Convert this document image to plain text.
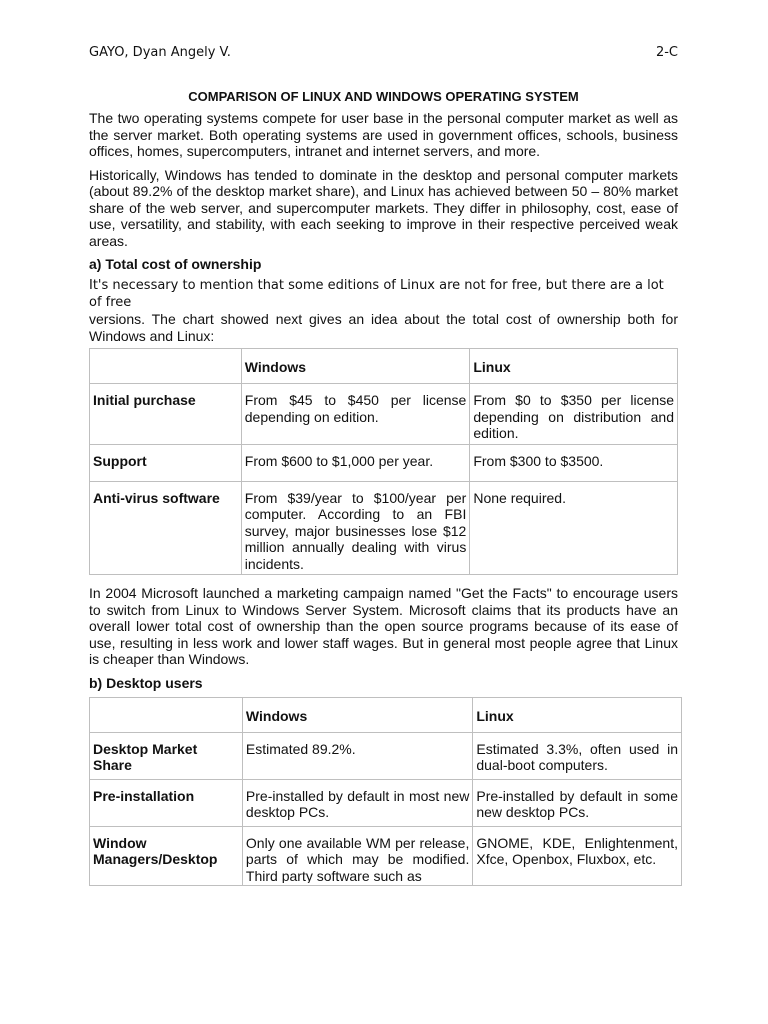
GAYO, Dyan Angely V.	2-C
COMPARISON OF LINUX AND WINDOWS OPERATING SYSTEM

The two operating systems compete for user base in the personal computer market as well as the server market. Both operating systems are used in government offices, schools, business offices, homes, supercomputers, intranet and internet servers, and more.

Historically, Windows has tended to dominate in the desktop and personal computer markets (about 89.2% of the desktop market share), and Linux has achieved between 50 – 80% market share of the web server, and supercomputer markets. They differ in philosophy, cost, ease of use, versatility, and stability, with each seeking to improve in their respective perceived weak areas.

a) Total cost of ownership

It's necessary to mention that some editions of Linux are not for free, but there are a lot of free

versions. The chart showed next gives an idea about the total cost of ownership both for Windows and Linux:

	Windows	Linux
Initial purchase	From $45 to $450 per license depending on edition.	From $0 to $350 per license depending on distribution and edition.
Support	From $600 to $1,000 per year.	From $300 to $3500.
Anti-virus software	From $39/year to $100/year per computer. According to an FBI survey, major businesses lose $12 million annually dealing with virus incidents.	None required.

In 2004 Microsoft launched a marketing campaign named "Get the Facts" to encourage users to switch from Linux to Windows Server System. Microsoft claims that its products have an overall lower total cost of ownership than the open source programs because of its ease of use, resulting in less work and lower staff wages. But in general most people agree that Linux is cheaper than Windows.

b) Desktop users
	Windows	Linux
Desktop Market Share	Estimated 89.2%.	Estimated 3.3%, often used in dual-boot computers.
Pre-installation	Pre-installed by default in most new desktop PCs.	Pre-installed by default in some new desktop PCs.
Window Managers/Desktop	Only one available WM per release, parts of which may be modified. Third party software such as	GNOME, KDE, Enlightenment, Xfce, Openbox, Fluxbox, etc.
